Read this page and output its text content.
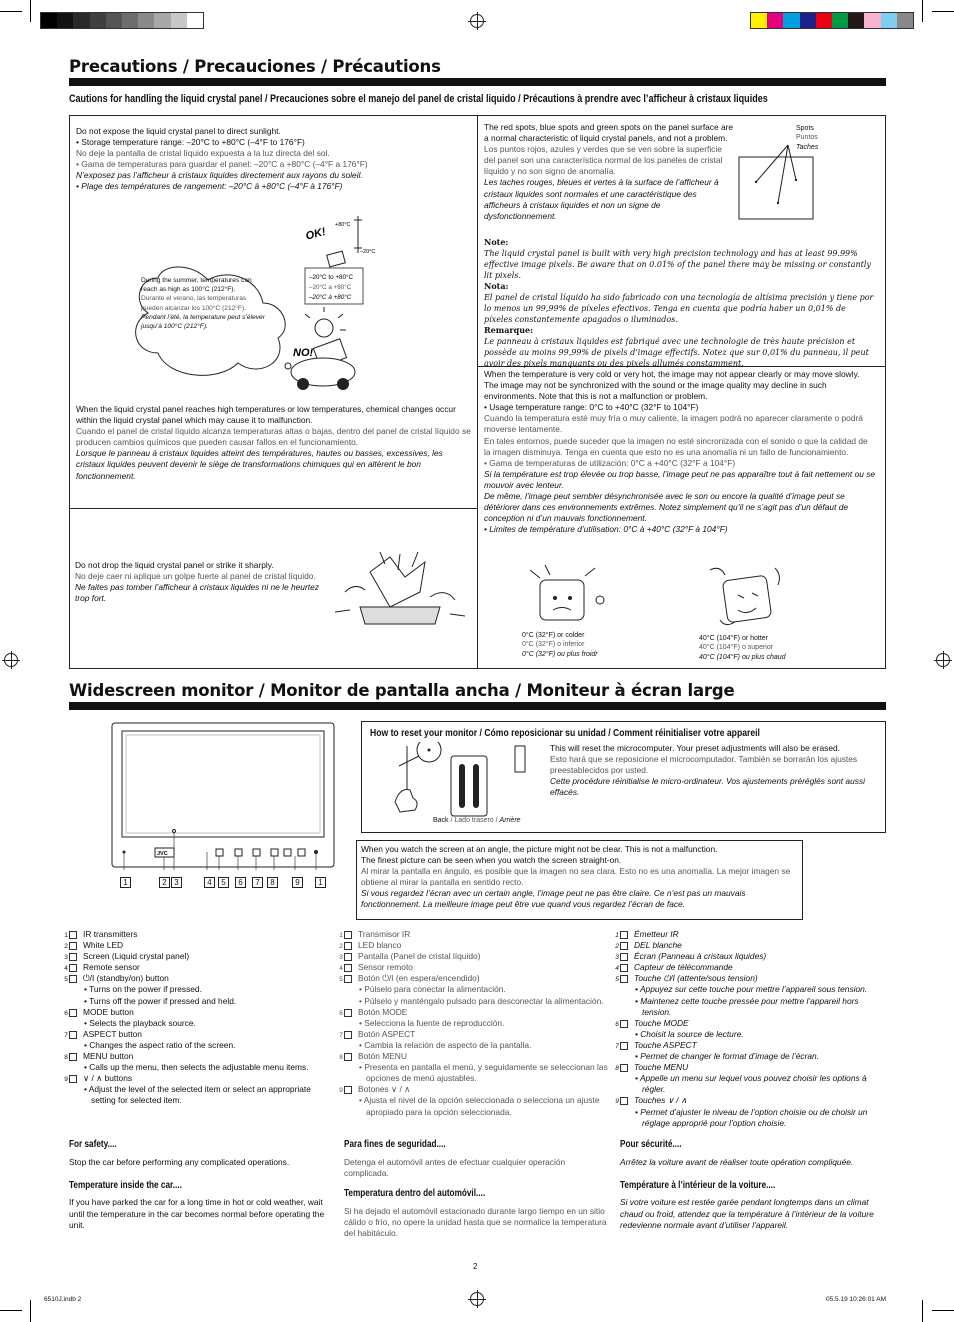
Precautions / Precauciones / Précautions
Cautions for handling the liquid crystal panel / Precauciones sobre el manejo del panel de cristal liquido / Précautions à prendre avec l’afficheur à cristaux liquides
Do not expose the liquid crystal panel to direct sunlight.
• Storage temperature range: –20°C to +80°C (–4°F to 176°F)
No deje la pantalla de cristal líquido expuesta a la luz directa del sol.
• Gama de temperaturas para guardar el panel: –20°C a +80°C (–4°F a 176°F)
N’exposez pas l’afficheur à cristaux liquides directement aux rayons du soleil.
• Plage des températures de rangement: –20°C à +80°C (–4°F à 176°F)
+80°C
–20°C
OK!
NO!
–20°C to +80°C
–20°C a +80°C
–20°C à +80°C
During the summer, temperatures can reach as high as 100°C (212°F).
Durante el verano, las temperaturas pueden alcanzar los 100°C (212°F).
Pendant l’été, la temperature peut s’élever jusqu’à 100°C (212°F).
When the liquid crystal panel reaches high temperatures or low temperatures, chemical changes occur within the liquid crystal panel which may cause it to malfunction.
Cuando el panel de cristal líquido alcanza temperaturas altas o bajas, dentro del panel de cristal líquido se producen cambios químicos que pueden causar fallos en el funcionamiento.
Lorsque le panneau à cristaux liquides atteint des températures, hautes ou basses, excessives, les cristaux liquides peuvent devenir le siège de transformations chimiques qui en altèrent le bon fonctionnement.
Do not drop the liquid crystal panel or strike it sharply.
No deje caer ni aplique un golpe fuerte al panel de cristal líquido.
Ne faites pas tomber l’afficheur à cristaux liquides ni ne le heurtez trop fort.
The red spots, blue spots and green spots on the panel surface are a normal characteristic of liquid crystal panels, and not a problem.
Los puntos rojos, azules y verdes que se ven sobre la superficie del panel son una característica normal de los paneles de cristal líquido y no son signo de anomalía.
Les taches rouges, bleues et vertes à la surface de l’afficheur à cristaux liquides sont normales et une caractéristique des afficheurs à cristaux liquides et non un signe de dysfonctionnement.
Spots
Puntos
Taches
Note:
The liquid crystal panel is built with very high precision technology and has at least 99.99% effective image pixels. Be aware that on 0.01% of the panel there may be missing or constantly lit pixels.
Nota:
El panel de cristal líquido ha sido fabricado con una tecnología de altísima precisión y tiene por lo menos un 99,99% de píxeles efectivos. Tenga en cuenta que podría haber un 0,01% de píxeles constantemente apagados o iluminados.
Remarque:
Le panneau à cristaux liquides est fabriqué avec une technologie de très haute précision et possède au moins 99,99% de pixels d’image effectifs. Notez que sur 0,01% du panneau, il peut avoir des pixels manquants ou des pixels allumés constamment.
When the temperature is very cold or very hot, the image may not appear clearly or may move slowly.
The image may not be synchronized with the sound or the image quality may decline in such environments. Note that this is not a malfunction or problem.
• Usage temperature range: 0°C to +40°C (32°F to 104°F)
Cuando la temperatura esté muy fría o muy caliente, la imagen podrá no aparecer claramente o podrá moverse lentamente.
En tales entornos, puede suceder que la imagen no esté sincronizada con el sonido o que la calidad de la imagen disminuya. Tenga en cuenta que esto no es una anomalía ni un fallo de funcionamiento.
• Gama de temperaturas de utilización: 0°C a +40°C (32°F a 104°F)
Si la température est trop élevée ou trop basse, l’image peut ne pas apparaître tout à fait nettement ou se mouvoir avec lenteur.
De même, l’image peut sembler désynchronisée avec le son ou encore la qualité d’image peut se détériorer dans ces environnements extrêmes. Notez simplement qu’il ne s’agit pas d’un défaut de conception ni d’un mauvais fonctionnement.
• Limites de température d’utilisation: 0°C à +40°C (32°F à 104°F)
0°C (32°F) or colder
0°C (32°F) o inferior
0°C (32°F) ou plus froidr
40°C (104°F) or hotter
40°C (104°F) o superior
40°C (104°F) ou plus chaud
Widescreen monitor / Monitor de pantalla ancha / Moniteur à écran large
JVC
1	2 3	4	5	6	7	8	9	1
How to reset your monitor / Cómo reposicionar su unidad / Comment réinitialiser votre appareil
Back / Lado trasero / Arrière
This will reset the microcomputer. Your preset adjustments will also be erased.
Esto hará que se reposicione el microcomputador. También se borrarán los ajustes preestablecidos por usted.
Cette procédure réinitialise le micro-ordinateur. Vos ajustements préréglés sont aussi effacés.
When you watch the screen at an angle, the picture might not be clear. This is not a malfunction.
The finest picture can be seen when you watch the screen straight-on.
Al mirar la pantalla en ángulo, es posible que la imagen no sea clara. Esto no es una anomalía. La mejor imagen se obtiene al mirar la pantalla en sentido recto.
Si vous regardez l’écran avec un certain angle, l’image peut ne pas être claire. Ce n’est pas un mauvais fonctionnement. La meilleure image peut être vue quand vous regardez l’écran de face.
1 IR transmitters
2 White LED
3 Screen (Liquid crystal panel)
4 Remote sensor
5 ⏻/I (standby/on) button
• Turns on the power if pressed.
• Turns off the power if pressed and held.
6 MODE button
• Selects the playback source.
7 ASPECT button
• Changes the aspect ratio of the screen.
8 MENU button
• Calls up the menu, then selects the adjustable menu items.
9 ∨ / ∧ buttons
• Adjust the level of the selected item or select an appropriate setting for selected item.
1 Transmisor IR
2 LED blanco
3 Pantalla (Panel de cristal líquido)
4 Sensor remoto
5 Botón ⏻/I (en espera/encendido)
• Púlselo para conectar la alimentación.
• Púlselo y manténgalo pulsado para desconectar la alimentación.
6 Botón MODE
• Selecciona la fuente de reproducción.
7 Botón ASPECT
• Cambia la relación de aspecto de la pantalla.
8 Botón MENU
• Presenta en pantalla el menú, y seguidamente se seleccionan las opciones de menú ajustables.
9 Botones ∨ / ∧
• Ajusta el nivel de la opción seleccionada o selecciona un ajuste apropiado para la opción seleccionada.
1 Émetteur IR
2 DEL blanche
3 Écran (Panneau à cristaux liquides)
4 Capteur de télécommande
5 Touche ⏻/I (attente/sous tension)
• Appuyez sur cette touche pour mettre l’appareil sous tension.
• Maintenez cette touche pressée pour mettre l’appareil hors tension.
6 Touche MODE
• Choisit la source de lecture.
7 Touche ASPECT
• Permet de changer le format d’image de l’écran.
8 Touche MENU
• Appelle un menu sur lequel vous pouvez choisir les options à régler.
9 Touches ∨ / ∧
• Permet d’ajuster le niveau de l’option choisie ou de choisir un réglage approprié pour l’option choisie.
For safety....
Stop the car before performing any complicated operations.
Temperature inside the car....
If you have parked the car for a long time in hot or cold weather, wait until the temperature in the car becomes normal before operating the unit.
Para fines de seguridad....
Detenga el automóvil antes de efectuar cualquier operación complicada.
Temperatura dentro del automóvil....
Si ha dejado el automóvil estacionado durante largo tiempo en un sitio cálido o frío, no opere la unidad hasta que se normalice la temperatura del habitáculo.
Pour sécurité....
Arrêtez la voiture avant de réaliser toute opération compliquée.
Température à l’intérieur de la voiture....
Si votre voiture est restée garée pendant longtemps dans un climat chaud ou froid, attendez que la température à l’intérieur de la voiture redevienne normale avant d’utiliser l’appareil.
2
6510J.indb 2	05.5.19 10:26:01 AM
